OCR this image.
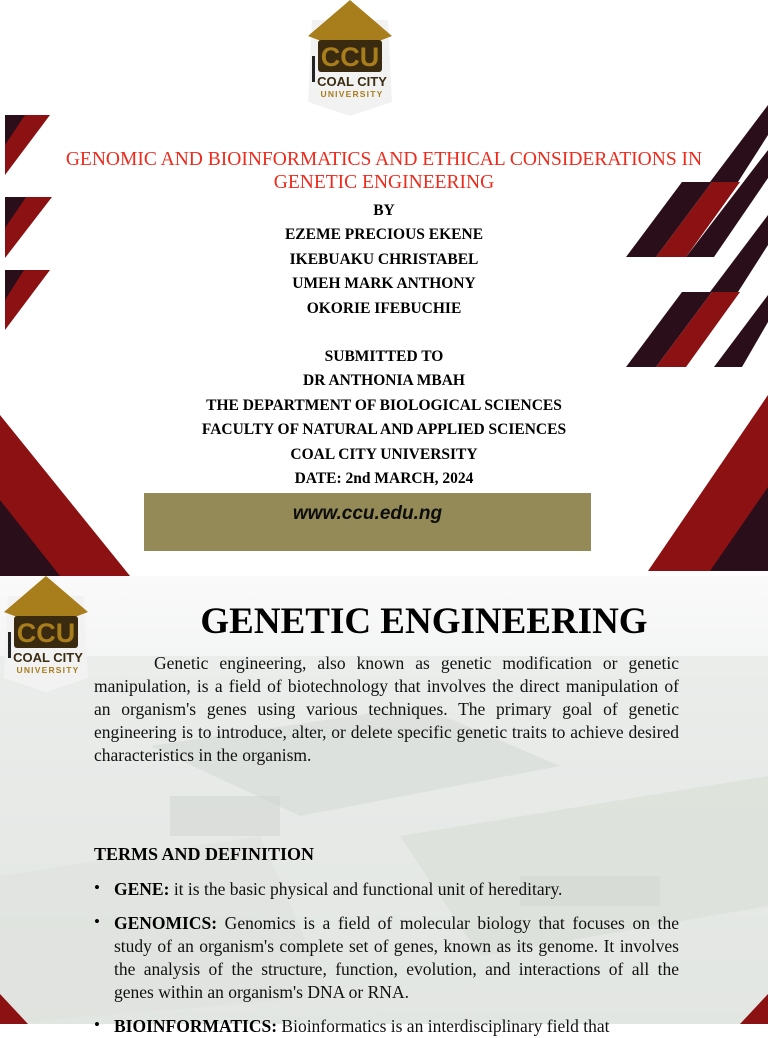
CCU
COAL CITY
UNIVERSITY
GENOMIC AND BIOINFORMATICS AND ETHICAL CONSIDERATIONS IN GENETIC ENGINEERING
BY
EZEME PRECIOUS EKENE
IKEBUAKU CHRISTABEL
UMEH MARK ANTHONY
OKORIE IFEBUCHIE
SUBMITTED TO
DR ANTHONIA MBAH
THE DEPARTMENT OF BIOLOGICAL SCIENCES
FACULTY OF NATURAL AND APPLIED SCIENCES
COAL CITY UNIVERSITY
DATE: 2nd MARCH, 2024
www.ccu.edu.ng
CCU
COAL CITY
UNIVERSITY
GENETIC ENGINEERING

Genetic engineering, also known as genetic modification or genetic manipulation, is a field of biotechnology that involves the direct manipulation of an organism's genes using various techniques. The primary goal of genetic engineering is to introduce, alter, or delete specific genetic traits to achieve desired characteristics in the organism.

TERMS AND DEFINITION
• GENE: it is the basic physical and functional unit of hereditary.

• GENOMICS: Genomics is a field of molecular biology that focuses on the study of an organism's complete set of genes, known as its genome. It involves the analysis of the structure, function, evolution, and interactions of all the genes within an organism's DNA or RNA.

• BIOINFORMATICS: Bioinformatics is an interdisciplinary field that
